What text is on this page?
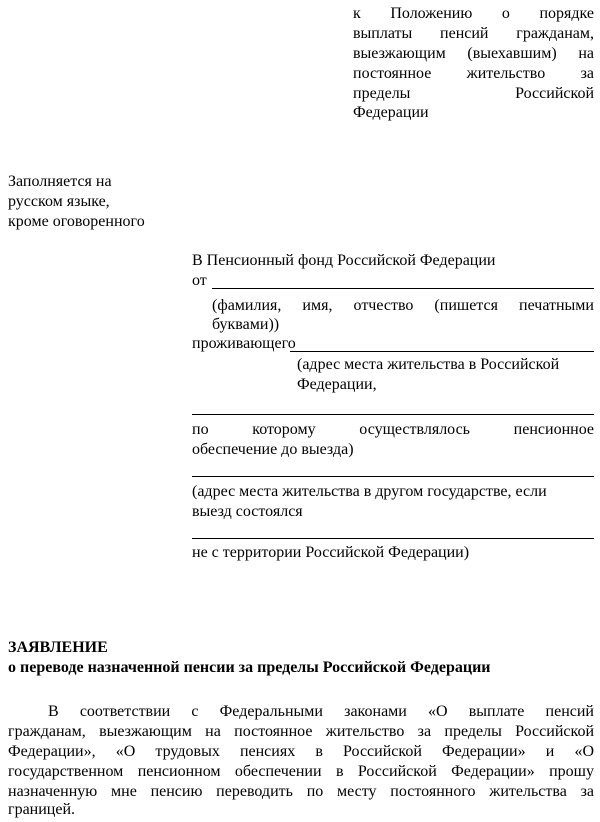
к Положению о порядке
выплаты пенсий гражданам,
выезжающим (выехавшим) на
постоянное жительство за
пределы Российской
Федерации
Заполняется на
русском языке,
кроме оговоренного
В Пенсионный фонд Российской Федерации
от
(фамилия, имя, отчество (пишется печатными
буквами))
проживающего
(адрес места жительства в Российской
Федерации,
по которому осуществлялось пенсионное
обеспечение до выезда)
(адрес места жительства в другом государстве, если
выезд состоялся
не с территории Российской Федерации)
ЗАЯВЛЕНИЕ
о переводе назначенной пенсии за пределы Российской Федерации
В соответствии с Федеральными законами «О выплате пенсий
гражданам, выезжающим на постоянное жительство за пределы Российской
Федерации», «О трудовых пенсиях в Российской Федерации» и «О
государственном пенсионном обеспечении в Российской Федерации» прошу
назначенную мне пенсию переводить по месту постоянного жительства за
границей.
